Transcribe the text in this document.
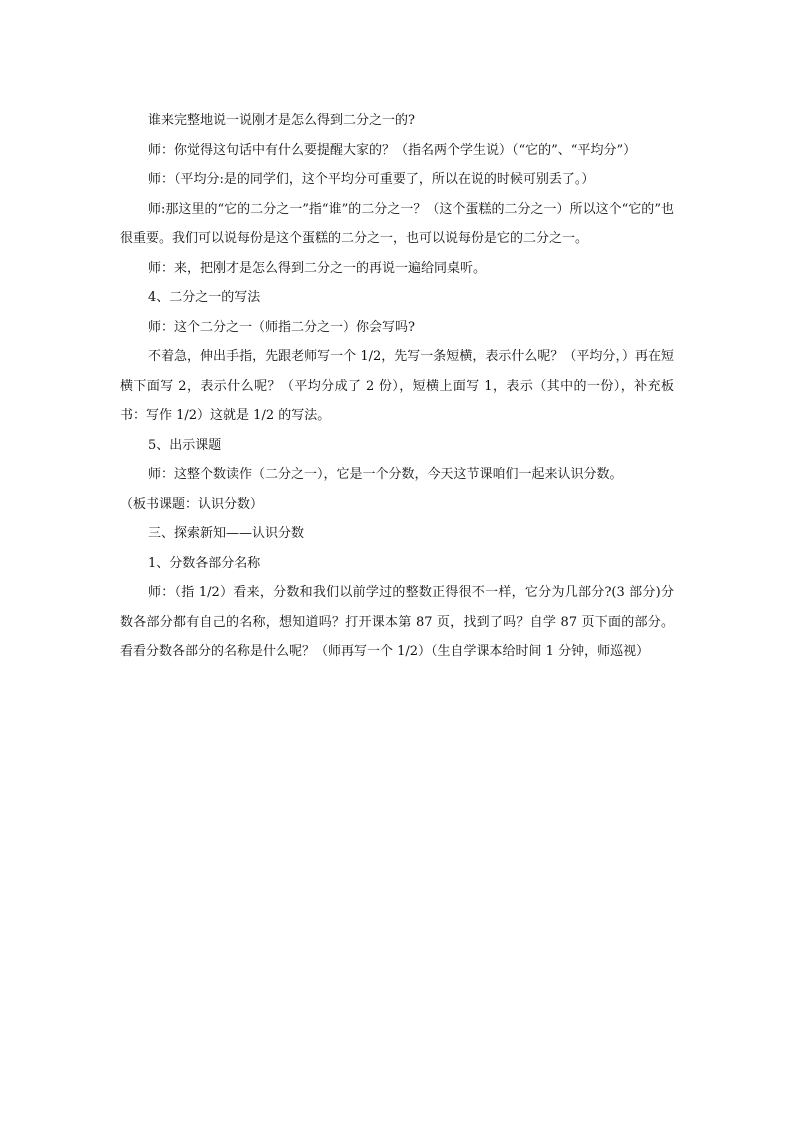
谁来完整地说一说刚才是怎么得到二分之一的?

师：你觉得这句话中有什么要提醒大家的？（指名两个学生说）（“它的”、“平均分”）

师：（平均分:是的同学们，这个平均分可重要了，所以在说的时候可别丢了。）

师:那这里的“它的二分之一”指“谁”的二分之一？（这个蛋糕的二分之一）所以这个“它的”也很重要。我们可以说每份是这个蛋糕的二分之一，也可以说每份是它的二分之一。

师：来，把刚才是怎么得到二分之一的再说一遍给同桌听。

4、二分之一的写法

师：这个二分之一（师指二分之一）你会写吗?

不着急，伸出手指，先跟老师写一个 1/2，先写一条短横，表示什么呢？（平均分，）再在短横下面写 2，表示什么呢？（平均分成了 2 份），短横上面写 1，表示（其中的一份），补充板书：写作 1/2）这就是 1/2 的写法。

5、出示课题

师：这整个数读作（二分之一），它是一个分数，今天这节课咱们一起来认识分数。

（板书课题：认识分数）

三、探索新知——认识分数

1、分数各部分名称

师：（指 1/2）看来，分数和我们以前学过的整数正得很不一样，它分为几部分?(3 部分)分数各部分都有自己的名称，想知道吗？打开课本第 87 页，找到了吗？自学 87 页下面的部分。看看分数各部分的名称是什么呢？（师再写一个 1/2）（生自学课本给时间 1 分钟，师巡视）
